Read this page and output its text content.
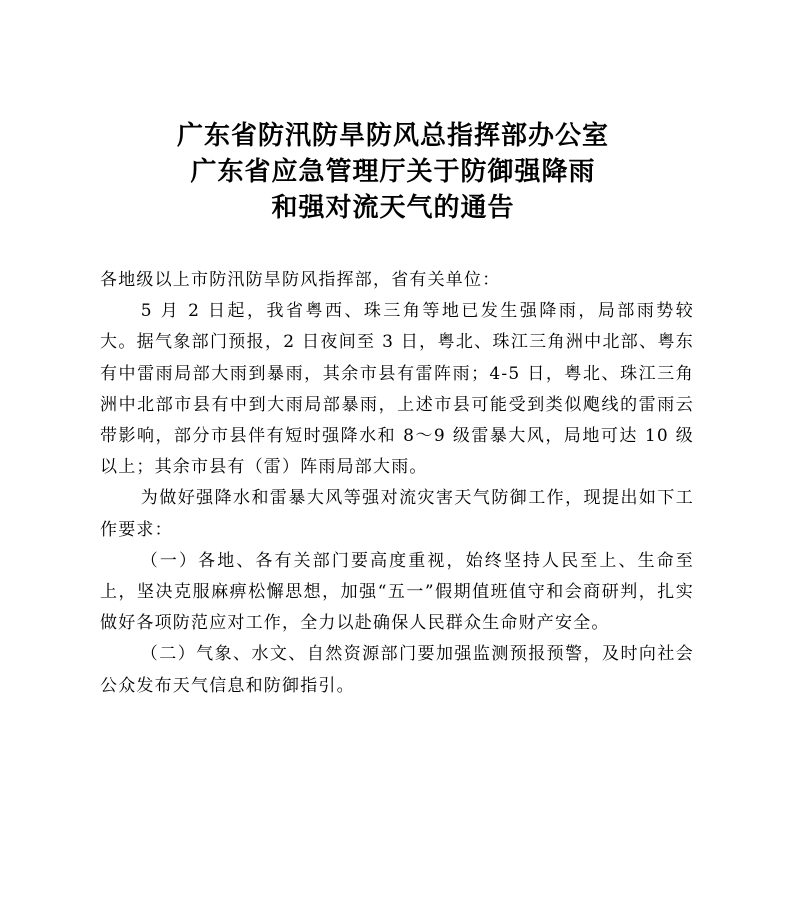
广东省防汛防旱防风总指挥部办公室
广东省应急管理厅关于防御强降雨
和强对流天气的通告

各地级以上市防汛防旱防风指挥部，省有关单位：

5 月 2 日起，我省粤西、珠三角等地已发生强降雨，局部雨势较大。据气象部门预报，2 日夜间至 3 日，粤北、珠江三角洲中北部、粤东有中雷雨局部大雨到暴雨，其余市县有雷阵雨；4-5 日，粤北、珠江三角洲中北部市县有中到大雨局部暴雨，上述市县可能受到类似飑线的雷雨云带影响，部分市县伴有短时强降水和 8～9 级雷暴大风，局地可达 10 级以上；其余市县有（雷）阵雨局部大雨。

为做好强降水和雷暴大风等强对流灾害天气防御工作，现提出如下工作要求：

（一）各地、各有关部门要高度重视，始终坚持人民至上、生命至上，坚决克服麻痹松懈思想，加强“五一”假期值班值守和会商研判，扎实做好各项防范应对工作，全力以赴确保人民群众生命财产安全。

（二）气象、水文、自然资源部门要加强监测预报预警，及时向社会公众发布天气信息和防御指引。
